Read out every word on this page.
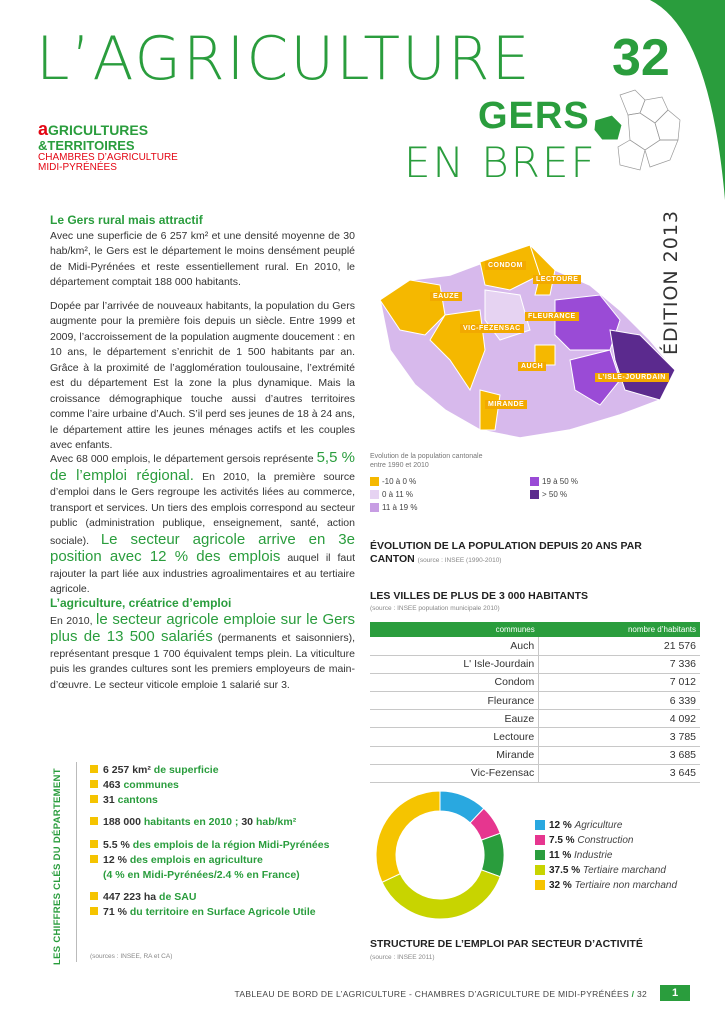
L’AGRICULTURE 32
GERS
EN BREF
aGRICULTURES
&TERRITOIRES
CHAMBRES D’AGRICULTURE
MIDI-PYRÉNÉES
ÉDITION 2013
Le Gers rural mais attractif

Avec une superficie de 6 257 km² et une densité moyenne de 30 hab/km², le Gers est le département le moins densément peuplé de Midi-Pyrénées et reste essentiellement rural. En 2010, le département comptait 188 000 habitants.

Dopée par l’arrivée de nouveaux habitants, la population du Gers augmente pour la première fois depuis un siècle. Entre 1999 et 2009, l’accroissement de la population augmente doucement : en 10 ans, le département s’enrichit de 1 500 habitants par an. Grâce à la proximité de l’agglomération toulousaine, l’extrémité est du département Est la zone la plus dynamique. Mais la croissance démographique touche aussi d’autres territoires comme l’aire urbaine d’Auch. S’il perd ses jeunes de 18 à 24 ans, le département attire les jeunes ménages actifs et les couples avec enfants.

Avec 68 000 emplois, le département gersois représente 5,5 % de l’emploi régional. En 2010, la première source d’emploi dans le Gers regroupe les activités liées au commerce, transport et services. Un tiers des emplois correspond au secteur public (administration publique, enseignement, santé, action sociale). Le secteur agricole arrive en 3e position avec 12 % des emplois auquel il faut rajouter la part liée aux industries agroalimentaires et au tertiaire agricole.

L’agriculture, créatrice d’emploi

En 2010, le secteur agricole emploie sur le Gers plus de 13 500 salariés (permanents et saisonniers), représentant presque 1 700 équivalent temps plein. La viticulture puis les grandes cultures sont les premiers employeurs de main-d’œuvre. Le secteur viticole emploie 1 salarié sur 3.

CONDOM
LECTOURE
EAUZE
FLEURANCE
VIC-FEZENSAC
AUCH
L’ISLE-JOURDAIN
MIRANDE
Evolution de la population cantonale entre 1990 et 2010
-10 à 0 %	19 à 50 %
0 à 11 %	> 50 %
11 à 19 %
ÉVOLUTION DE LA POPULATION DEPUIS 20 ANS PAR CANTON (source : INSEE (1990-2010)
LES VILLES DE PLUS DE 3 000 HABITANTS
(source : INSEE population municipale 2010)
communes	nombre d’habitants
Auch	21 576
L' Isle-Jourdain	7 336
Condom	7 012
Fleurance	6 339
Eauze	4 092
Lectoure	3 785
Mirande	3 685
Vic-Fezensac	3 645
LES CHIFFRES CLÉS DU DÉPARTEMENT	6 257 km² de superficie
463 communes
31 cantons
188 000 habitants en 2010 ; 30 hab/km²
5.5 % des emplois de la région Midi-Pyrénées
12 % des emplois en agriculture
(4 % en Midi-Pyrénées/2.4 % en France)
447 223 ha de SAU
71 % du territoire en Surface Agricole Utile
(sources : INSEE, RA et CA)
12 % Agriculture
7.5 % Construction
11 % Industrie
37.5 % Tertiaire marchand
32 % Tertiaire non marchand
STRUCTURE DE L’EMPLOI PAR SECTEUR D’ACTIVITÉ
(source : INSEE 2011)
TABLEAU DE BORD DE L’AGRICULTURE - CHAMBRES D’AGRICULTURE DE MIDI-PYRÉNÉES / 32	1
